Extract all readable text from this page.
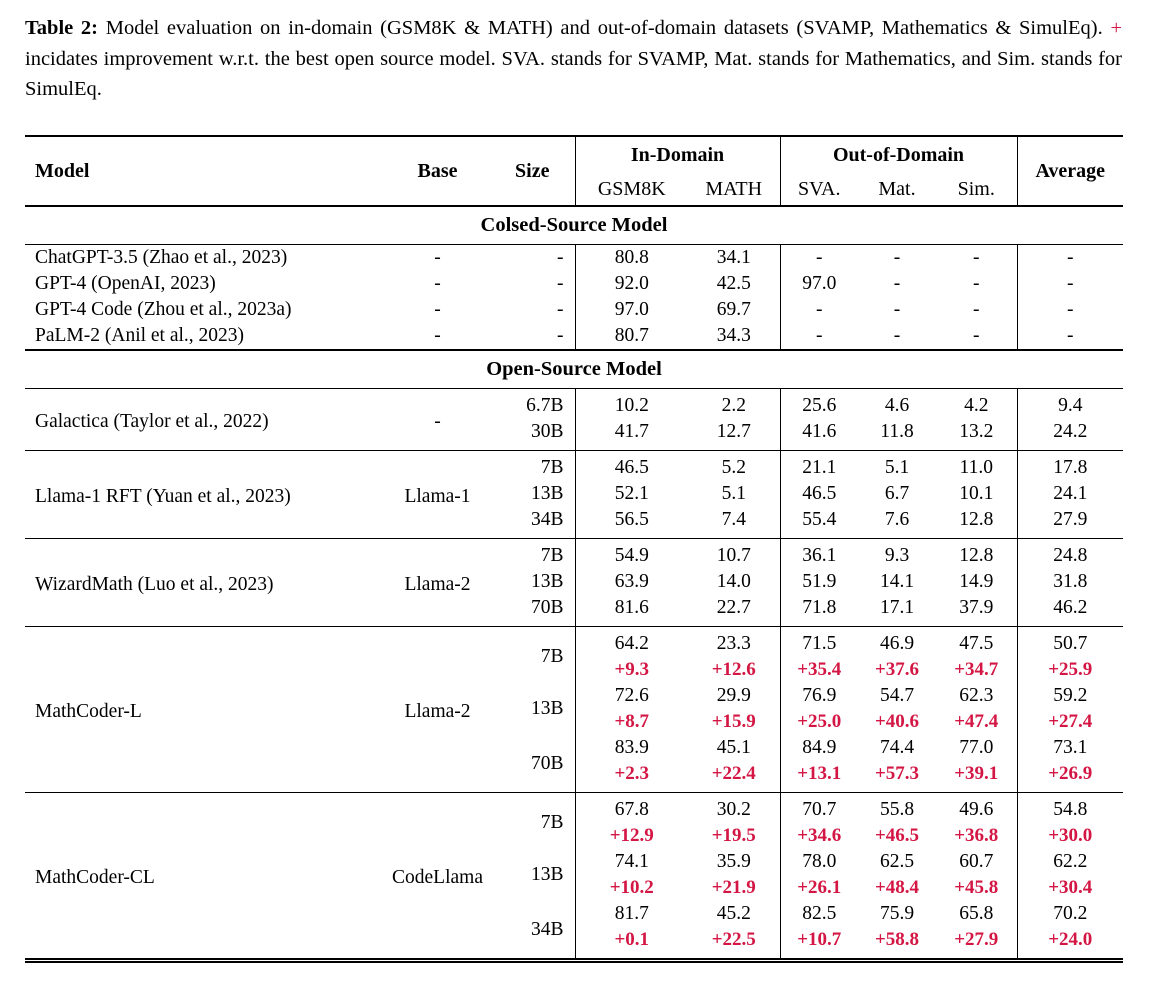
Table 2: Model evaluation on in-domain (GSM8K & MATH) and out-of-domain datasets (SVAMP, Mathematics & SimulEq). + incidates improvement w.r.t. the best open source model. SVA. stands for SVAMP, Mat. stands for Mathematics, and Sim. stands for SimulEq.

Model	Base	Size	In-Domain		Out-of-Domain			Average
			GSM8K	MATH	SVA.	Mat.	Sim.	
Colsed-Source Model								
ChatGPT-3.5 (Zhao et al., 2023)	-	-	80.8	34.1	-	-	-	-
GPT-4 (OpenAI, 2023)	-	-	92.0	42.5	97.0	-	-	-
GPT-4 Code (Zhou et al., 2023a)	-	-	97.0	69.7	-	-	-	-
PaLM-2 (Anil et al., 2023)	-	-	80.7	34.3	-	-	-	-
Open-Source Model								
Galactica (Taylor et al., 2022)	-	6.7B	10.2	2.2	25.6	4.6	4.2	9.4
		30B	41.7	12.7	41.6	11.8	13.2	24.2
Llama-1 RFT (Yuan et al., 2023)	Llama-1	7B	46.5	5.2	21.1	5.1	11.0	17.8
		13B	52.1	5.1	46.5	6.7	10.1	24.1
		34B	56.5	7.4	55.4	7.6	12.8	27.9
WizardMath (Luo et al., 2023)	Llama-2	7B	54.9	10.7	36.1	9.3	12.8	24.8
		13B	63.9	14.0	51.9	14.1	14.9	31.8
		70B	81.6	22.7	71.8	17.1	37.9	46.2
MathCoder-L	Llama-2	7B	64.2	23.3	71.5	46.9	47.5	50.7
			+9.3	+12.6	+35.4	+37.6	+34.7	+25.9
		13B	72.6	29.9	76.9	54.7	62.3	59.2
			+8.7	+15.9	+25.0	+40.6	+47.4	+27.4
		70B	83.9	45.1	84.9	74.4	77.0	73.1
			+2.3	+22.4	+13.1	+57.3	+39.1	+26.9
MathCoder-CL	CodeLlama	7B	67.8	30.2	70.7	55.8	49.6	54.8
			+12.9	+19.5	+34.6	+46.5	+36.8	+30.0
		13B	74.1	35.9	78.0	62.5	60.7	62.2
			+10.2	+21.9	+26.1	+48.4	+45.8	+30.4
		34B	81.7	45.2	82.5	75.9	65.8	70.2
			+0.1	+22.5	+10.7	+58.8	+27.9	+24.0
